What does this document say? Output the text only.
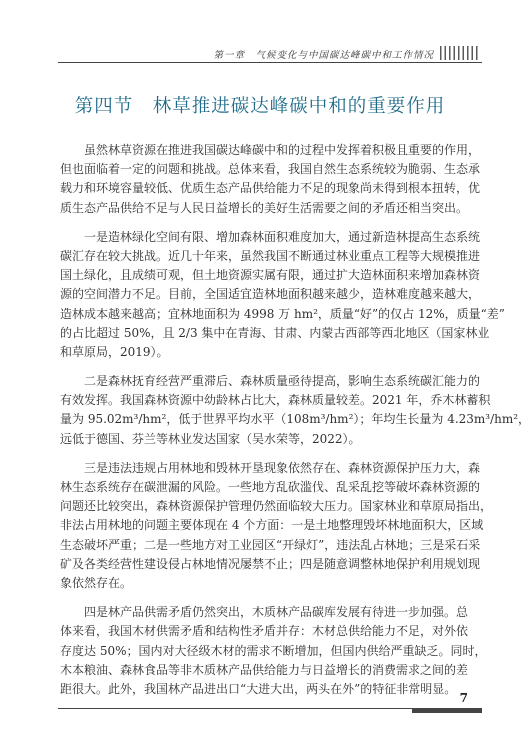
第一章　气候变化与中国碳达峰碳中和工作情况
第四节　林草推进碳达峰碳中和的重要作用
虽然林草资源在推进我国碳达峰碳中和的过程中发挥着积极且重要的作用，
但也面临着一定的问题和挑战。总体来看，我国自然生态系统较为脆弱、生态承
载力和环境容量较低、优质生态产品供给能力不足的现象尚未得到根本扭转，优
质生态产品供给不足与人民日益增长的美好生活需要之间的矛盾还相当突出。
一是造林绿化空间有限、增加森林面积难度加大，通过新造林提高生态系统
碳汇存在较大挑战。近几十年来，虽然我国不断通过林业重点工程等大规模推进
国土绿化，且成绩可观，但土地资源实属有限，通过扩大造林面积来增加森林资
源的空间潜力不足。目前，全国适宜造林地面积越来越少，造林难度越来越大，
造林成本越来越高；宜林地面积为 4998 万 hm²，质量“好”的仅占 12%，质量“差”
的占比超过 50%，且 2/3 集中在青海、甘肃、内蒙古西部等西北地区（国家林业
和草原局，2019）。
二是森林抚育经营严重滞后、森林质量亟待提高，影响生态系统碳汇能力的
有效发挥。我国森林资源中幼龄林占比大，森林质量较差。2021 年，乔木林蓄积
量为 95.02m³/hm²，低于世界平均水平（108m³/hm²）；年均生长量为 4.23m³/hm²，
远低于德国、芬兰等林业发达国家（吴水荣等，2022）。
三是违法违规占用林地和毁林开垦现象依然存在、森林资源保护压力大，森
林生态系统存在碳泄漏的风险。一些地方乱砍滥伐、乱采乱挖等破坏森林资源的
问题还比较突出，森林资源保护管理仍然面临较大压力。国家林业和草原局指出，
非法占用林地的问题主要体现在 4 个方面：一是土地整理毁坏林地面积大，区域
生态破坏严重；二是一些地方对工业园区“开绿灯”，违法乱占林地；三是采石采
矿及各类经营性建设侵占林地情况屡禁不止；四是随意调整林地保护利用规划现
象依然存在。
四是林产品供需矛盾仍然突出，木质林产品碳库发展有待进一步加强。总
体来看，我国木材供需矛盾和结构性矛盾并存：木材总供给能力不足，对外依
存度达 50%；国内对大径级木材的需求不断增加，但国内供给严重缺乏。同时，
木本粮油、森林食品等非木质林产品供给能力与日益增长的消费需求之间的差
距很大。此外，我国林产品进出口“大进大出，两头在外”的特征非常明显。
7
